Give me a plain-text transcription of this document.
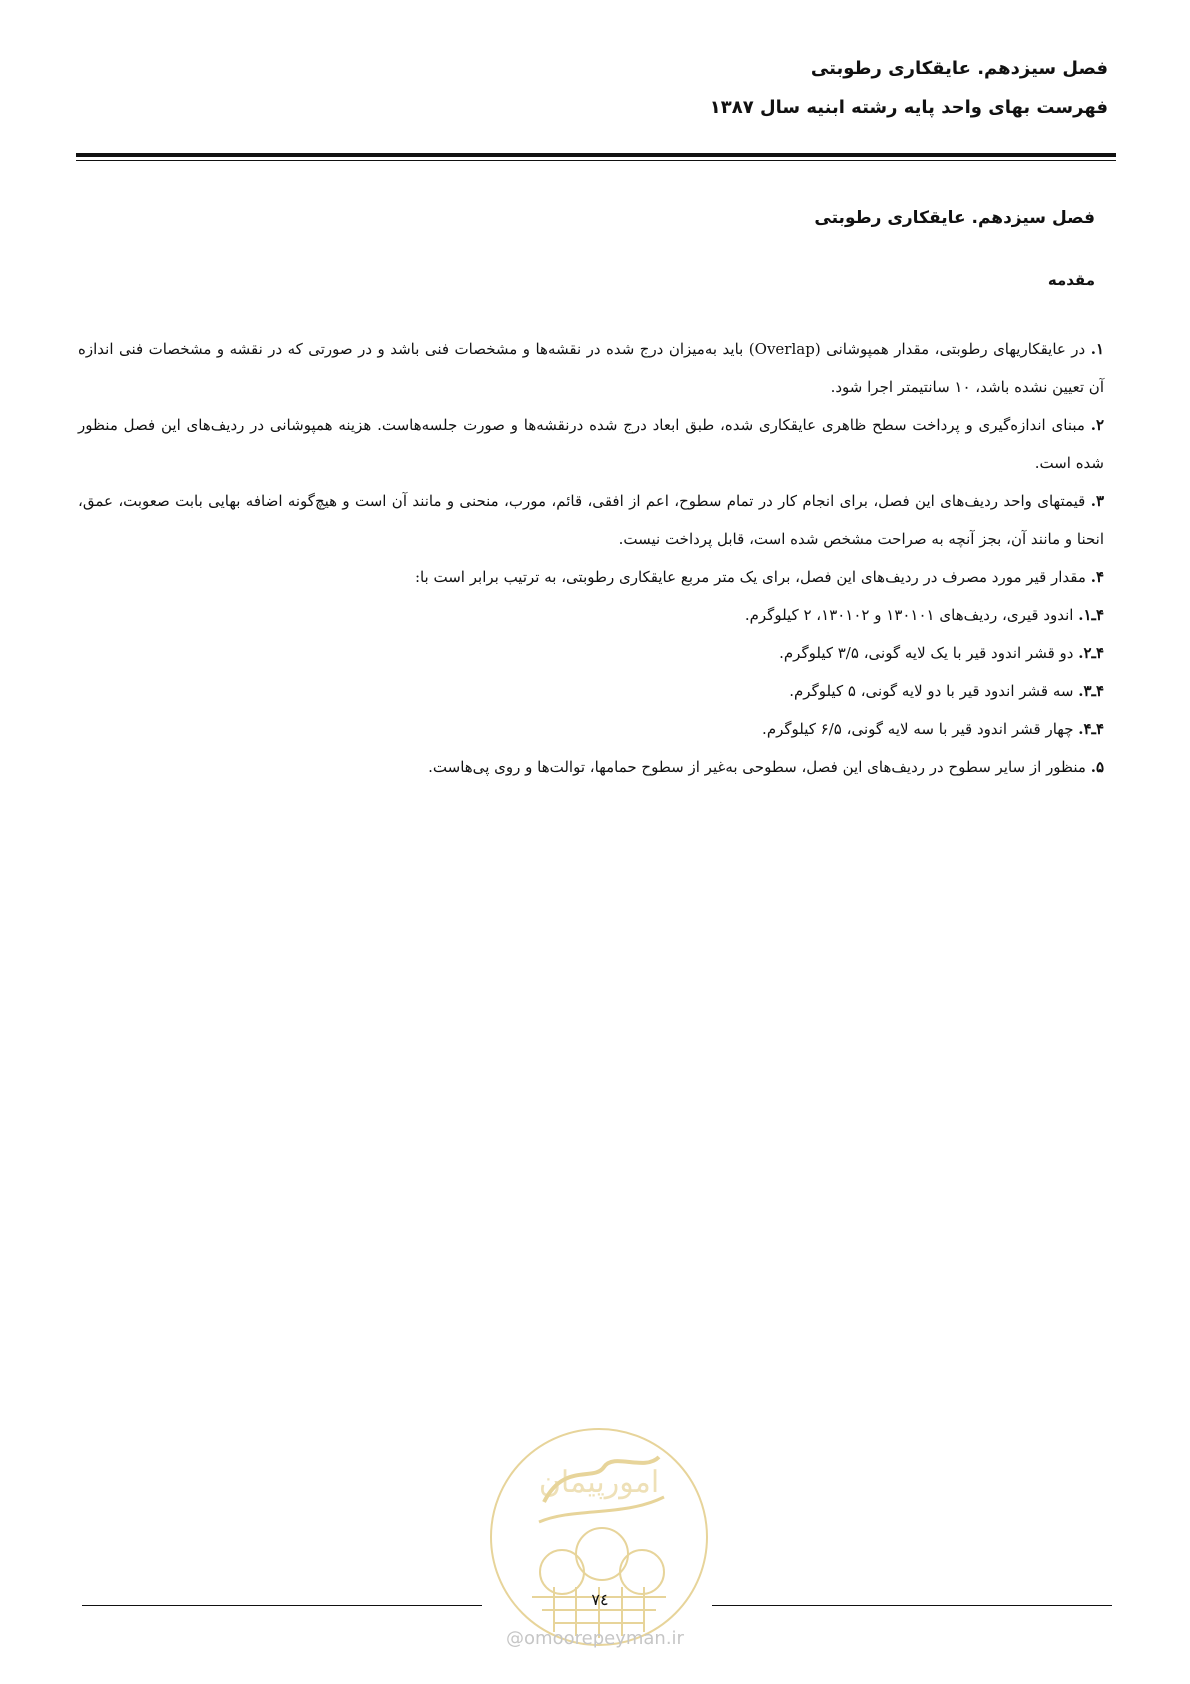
فصل سیزدهم. عایقکاری رطوبتی
فهرست بهای واحد پایه رشته ابنیه سال ۱۳۸۷
فصل سیزدهم. عایقکاری رطوبتی
مقدمه

۱. در عایقکاریهای رطوبتی، مقدار همپوشانی (Overlap) باید به‌میزان درج شده در نقشه‌ها و مشخصات فنی باشد و در صورتی که در نقشه و مشخصات فنی اندازه آن تعیین نشده باشد، ۱۰ سانتیمتر اجرا شود.

۲. مبنای اندازه‌گیری و پرداخت سطح ظاهری عایقکاری شده، طبق ابعاد درج شده درنقشه‌ها و صورت جلسه‌هاست. هزینه همپوشانی در ردیف‌های این فصل منظور شده است.

۳. قیمتهای واحد ردیف‌های این فصل، برای انجام کار در تمام سطوح، اعم از افقی، قائم، مورب، منحنی و مانند آن است و هیچ‌گونه اضافه بهایی بابت صعوبت، عمق، انحنا و مانند آن، بجز آنچه به صراحت مشخص شده است، قابل پرداخت نیست.

۴. مقدار قیر مورد مصرف در ردیف‌های این فصل، برای یک متر مربع عایقکاری رطوبتی، به ترتیب برابر است با:

۴ـ۱. اندود قیری، ردیف‌های ۱۳۰۱۰۱ و ۱۳۰۱۰۲، ۲ کیلوگرم.

۴ـ۲. دو قشر اندود قیر با یک لایه گونی، ۳/۵ کیلوگرم.

۴ـ۳. سه قشر اندود قیر با دو لایه گونی، ۵ کیلوگرم.

۴ـ۴. چهار قشر اندود قیر با سه لایه گونی، ۶/۵ کیلوگرم.

۵. منظور از سایر سطوح در ردیف‌های این فصل، سطوحی به‌غیر از سطوح حمامها، توالت‌ها و روی پی‌هاست.

امورپیمان
۷٤
@omoorepeyman.ir
